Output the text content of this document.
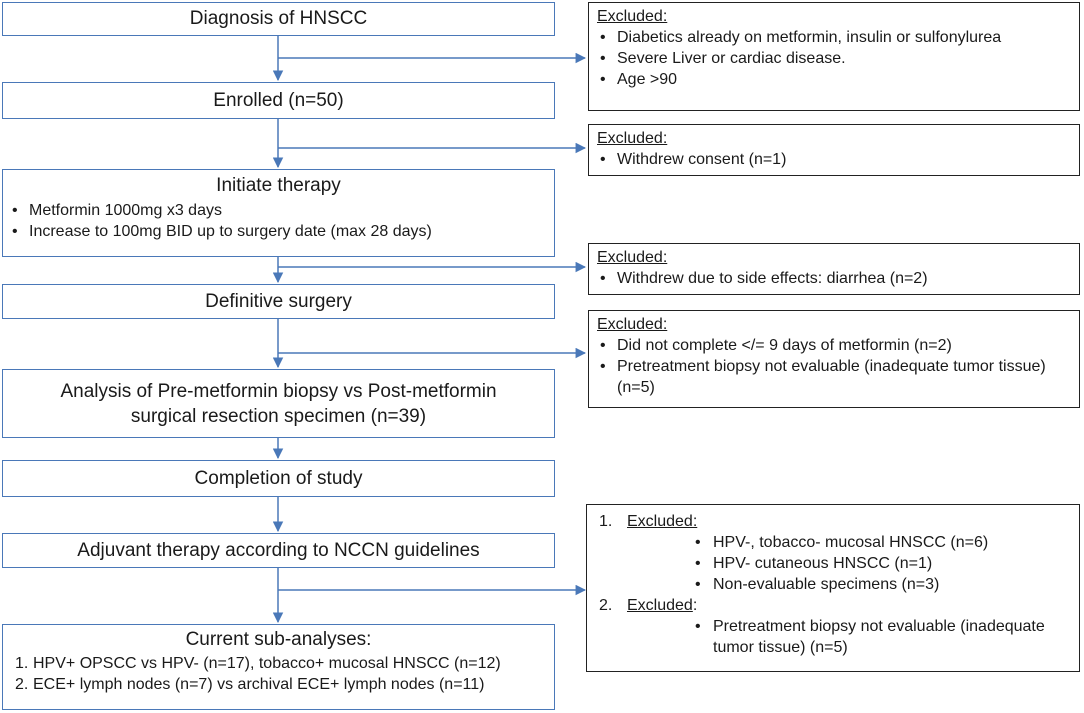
Diagnosis of HNSCC
Enrolled (n=50)
Initiate therapy
• Metformin 1000mg x3 days
• Increase to 100mg BID up to surgery date (max 28 days)
Definitive surgery
Analysis of Pre-metformin biopsy vs Post-metformin
surgical resection specimen (n=39)
Completion of study
Adjuvant therapy according to NCCN guidelines
Current sub-analyses:
1. HPV+ OPSCC vs HPV- (n=17), tobacco+ mucosal HNSCC (n=12)
2. ECE+ lymph nodes (n=7) vs archival ECE+ lymph nodes (n=11)
Excluded:
• Diabetics already on metformin, insulin or sulfonylurea
• Severe Liver or cardiac disease.
• Age >90
Excluded:
• Withdrew consent (n=1)
Excluded:
• Withdrew due to side effects: diarrhea (n=2)
Excluded:
• Did not complete </= 9 days of metformin (n=2)
• Pretreatment biopsy not evaluable (inadequate tumor tissue) (n=5)
1. Excluded:
• HPV-, tobacco- mucosal HNSCC (n=6)
• HPV- cutaneous HNSCC (n=1)
• Non-evaluable specimens (n=3)
2. Excluded:
• Pretreatment biopsy not evaluable (inadequate
tumor tissue) (n=5)
